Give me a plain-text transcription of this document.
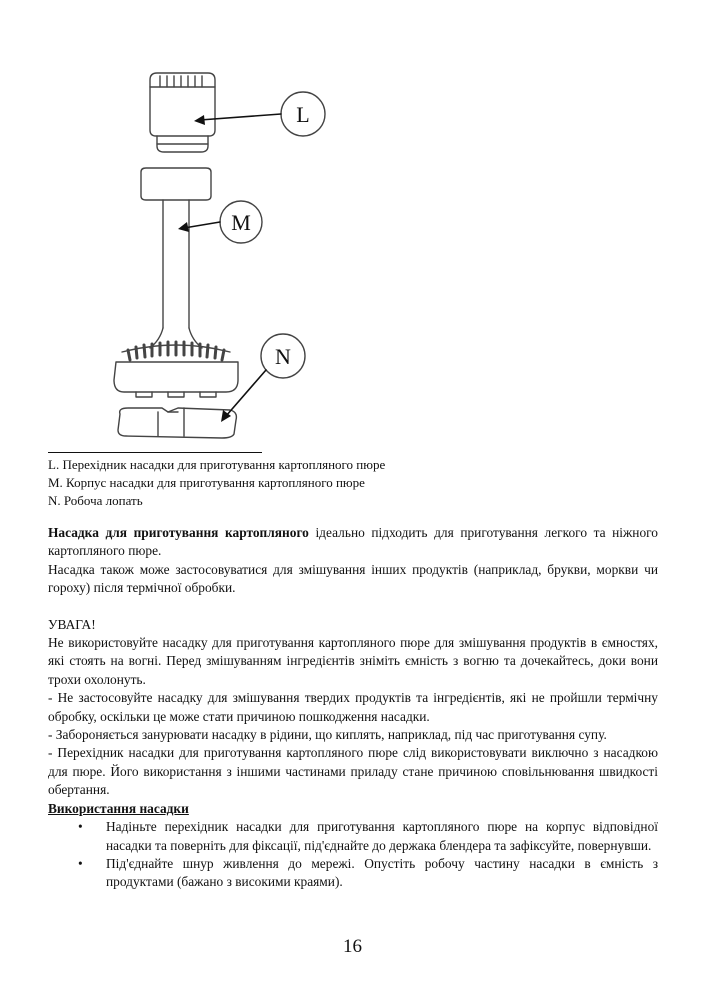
L
M
N
L. Перехідник насадки для приготування картопляного пюре
M. Корпус насадки для приготування картопляного пюре
N. Робоча лопать

Насадка для приготування картопляного ідеально підходить для приготування легкого та ніжного картопляного пюре.

Насадка також може застосовуватися для змішування інших продуктів (наприклад, брукви, моркви чи гороху) після термічної обробки.

УВАГА!

Не використовуйте насадку для приготування картопляного пюре для змішування продуктів в ємностях, які стоять на вогні. Перед змішуванням інгредієнтів зніміть ємність з вогню та дочекайтесь, доки вони трохи охолонуть.

- Не застосовуйте насадку для змішування твердих продуктів та інгредієнтів, які не пройшли термічну обробку, оскільки це може стати причиною пошкодження насадки.

- Забороняється занурювати насадку в рідини, що киплять, наприклад, під час приготування супу.

- Перехідник насадки для приготування картопляного пюре слід використовувати виключно з насадкою для пюре. Його використання з іншими частинами приладу стане причиною сповільнювання швидкості обертання.

Використання насадки

• Надіньте перехідник насадки для приготування картопляного пюре на корпус відповідної насадки та поверніть для фіксації, під'єднайте до держака блендера та зафіксуйте, повернувши.
• Під'єднайте шнур живлення до мережі. Опустіть робочу частину насадки в ємність з продуктами (бажано з високими краями).
16
